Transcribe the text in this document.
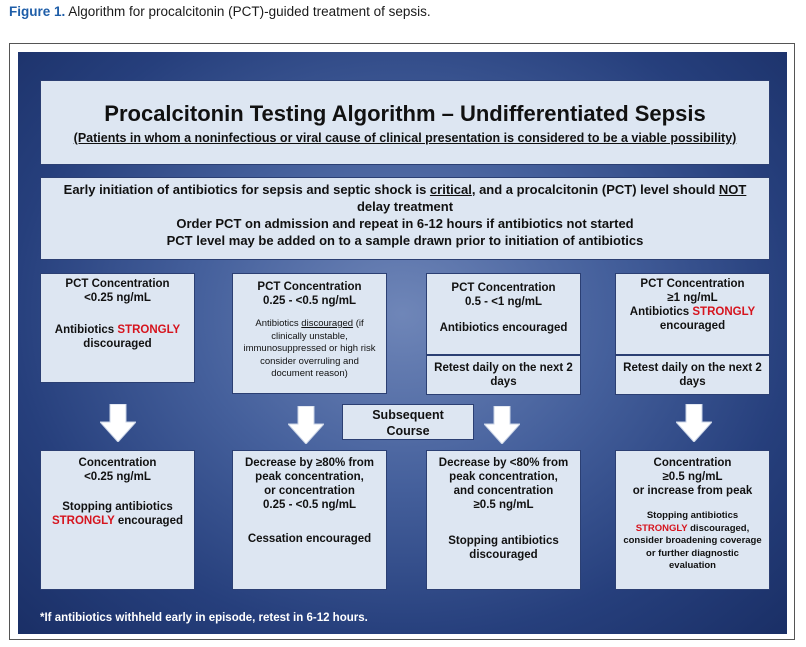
Figure 1. Algorithm for procalcitonin (PCT)-guided treatment of sepsis.
Procalcitonin Testing Algorithm – Undifferentiated Sepsis
(Patients in whom a noninfectious or viral cause of clinical presentation is considered to be a viable possibility)
Early initiation of antibiotics for sepsis and septic shock is critical, and a procalcitonin (PCT) level should NOT
delay treatment
Order PCT on admission and repeat in 6-12 hours if antibiotics not started
PCT level may be added on to a sample drawn prior to initiation of antibiotics
PCT Concentration
<0.25 ng/mL
Antibiotics STRONGLY
discouraged
PCT Concentration
0.25 - <0.5 ng/mL
Antibiotics discouraged (if clinically unstable, immunosuppressed or high risk consider overruling and document reason)
PCT Concentration
0.5 - <1 ng/mL
Antibiotics encouraged
Retest daily on the next 2 days
PCT Concentration
≥1 ng/mL
Antibiotics STRONGLY
encouraged
Retest daily on the next 2 days
Subsequent Course
Concentration
<0.25 ng/mL
Stopping antibiotics
STRONGLY encouraged
Decrease by ≥80% from
peak concentration,
or concentration
0.25 - <0.5 ng/mL
Cessation encouraged
Decrease by <80% from
peak concentration,
and concentration
≥0.5 ng/mL
Stopping antibiotics
discouraged
Concentration
≥0.5 ng/mL
or increase from peak
Stopping antibiotics
STRONGLY discouraged, consider broadening coverage or further diagnostic evaluation
*If antibiotics withheld early in episode, retest in 6-12 hours.
